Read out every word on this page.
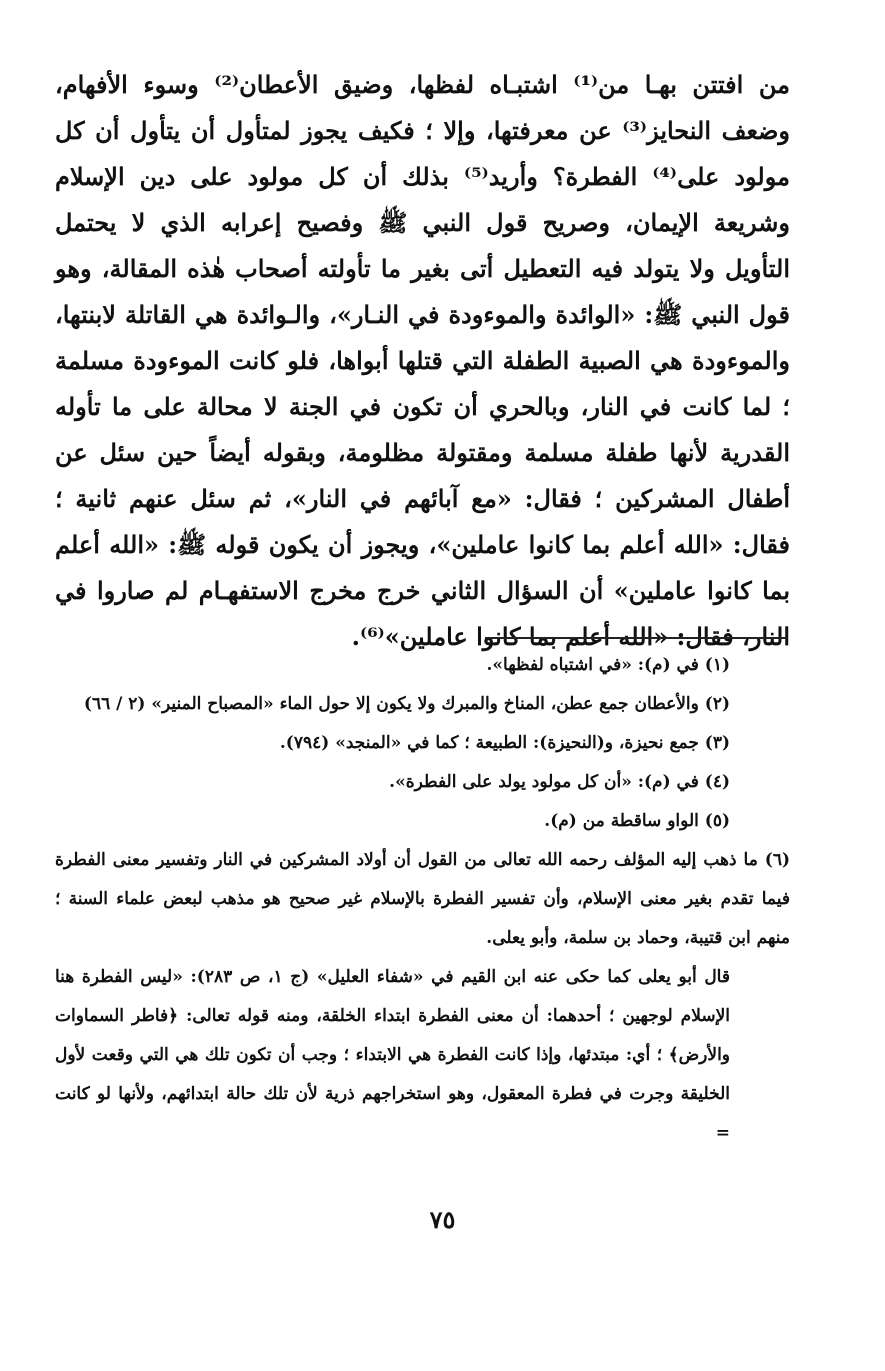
من افتتن بهـا من⁽¹⁾ اشتبـاه لفظها، وضيق الأعطان⁽²⁾ وسوء الأفهام، وضعف النحايز⁽³⁾ عن معرفتها، وإلا ؛ فكيف يجوز لمتأول أن يتأول أن كل مولود على⁽⁴⁾ الفطرة؟ وأريد⁽⁵⁾ بذلك أن كل مولود على دين الإسلام وشريعة الإيمان، وصريح قول النبي ﷺ وفصيح إعرابه الذي لا يحتمل التأويل ولا يتولد فيه التعطيل أتى بغير ما تأولته أصحاب هٰذه المقالة، وهو قول النبي ﷺ: «الوائدة والموءودة في النـار»، والـوائدة هي القاتلة لابنتها، والموءودة هي الصبية الطفلة التي قتلها أبواها، فلو كانت الموءودة مسلمة ؛ لما كانت في النار، وبالحري أن تكون في الجنة لا محالة على ما تأوله القدرية لأنها طفلة مسلمة ومقتولة مظلومة، وبقوله أيضاً حين سئل عن أطفال المشركين ؛ فقال: «مع آبائهم في النار»، ثم سئل عنهم ثانية ؛ فقال: «الله أعلم بما كانوا عاملين»، ويجوز أن يكون قوله ﷺ: «الله أعلم بما كانوا عاملين» أن السؤال الثاني خرج مخرج الاستفهـام لم صاروا في النار، فقال: «الله أعلم بما كانوا عاملين»⁽⁶⁾.

(١) في (م): «في اشتباه لفظها».

(٢) والأعطان جمع عطن، المناخ والمبرك ولا يكون إلا حول الماء «المصباح المنير» (٢ / ٦٦)

(٣) جمع نحيزة، و(النحيزة): الطبيعة ؛ كما في «المنجد» (٧٩٤).

(٤) في (م): «أن كل مولود يولد على الفطرة».

(٥) الواو ساقطة من (م).

(٦) ما ذهب إليه المؤلف رحمه الله تعالى من القول أن أولاد المشركين في النار وتفسير معنى الفطرة فيما تقدم بغير معنى الإسلام، وأن تفسير الفطرة بالإسلام غير صحيح هو مذهب لبعض علماء السنة ؛ منهم ابن قتيبة، وحماد بن سلمة، وأبو يعلى.

قال أبو يعلى كما حكى عنه ابن القيم في «شفاء العليل» (ج ١، ص ٢٨٣): «ليس الفطرة هنا الإسلام لوجهين ؛ أحدهما: أن معنى الفطرة ابتداء الخلقة، ومنه قوله تعالى: ﴿فاطر السماوات والأرض﴾ ؛ أي: مبتدئها، وإذا كانت الفطرة هي الابتداء ؛ وجب أن تكون تلك هي التي وقعت لأول الخليقة وجرت في فطرة المعقول، وهو استخراجهم ذرية لأن تلك حالة ابتدائهم، ولأنها لو كانت =

٧٥
